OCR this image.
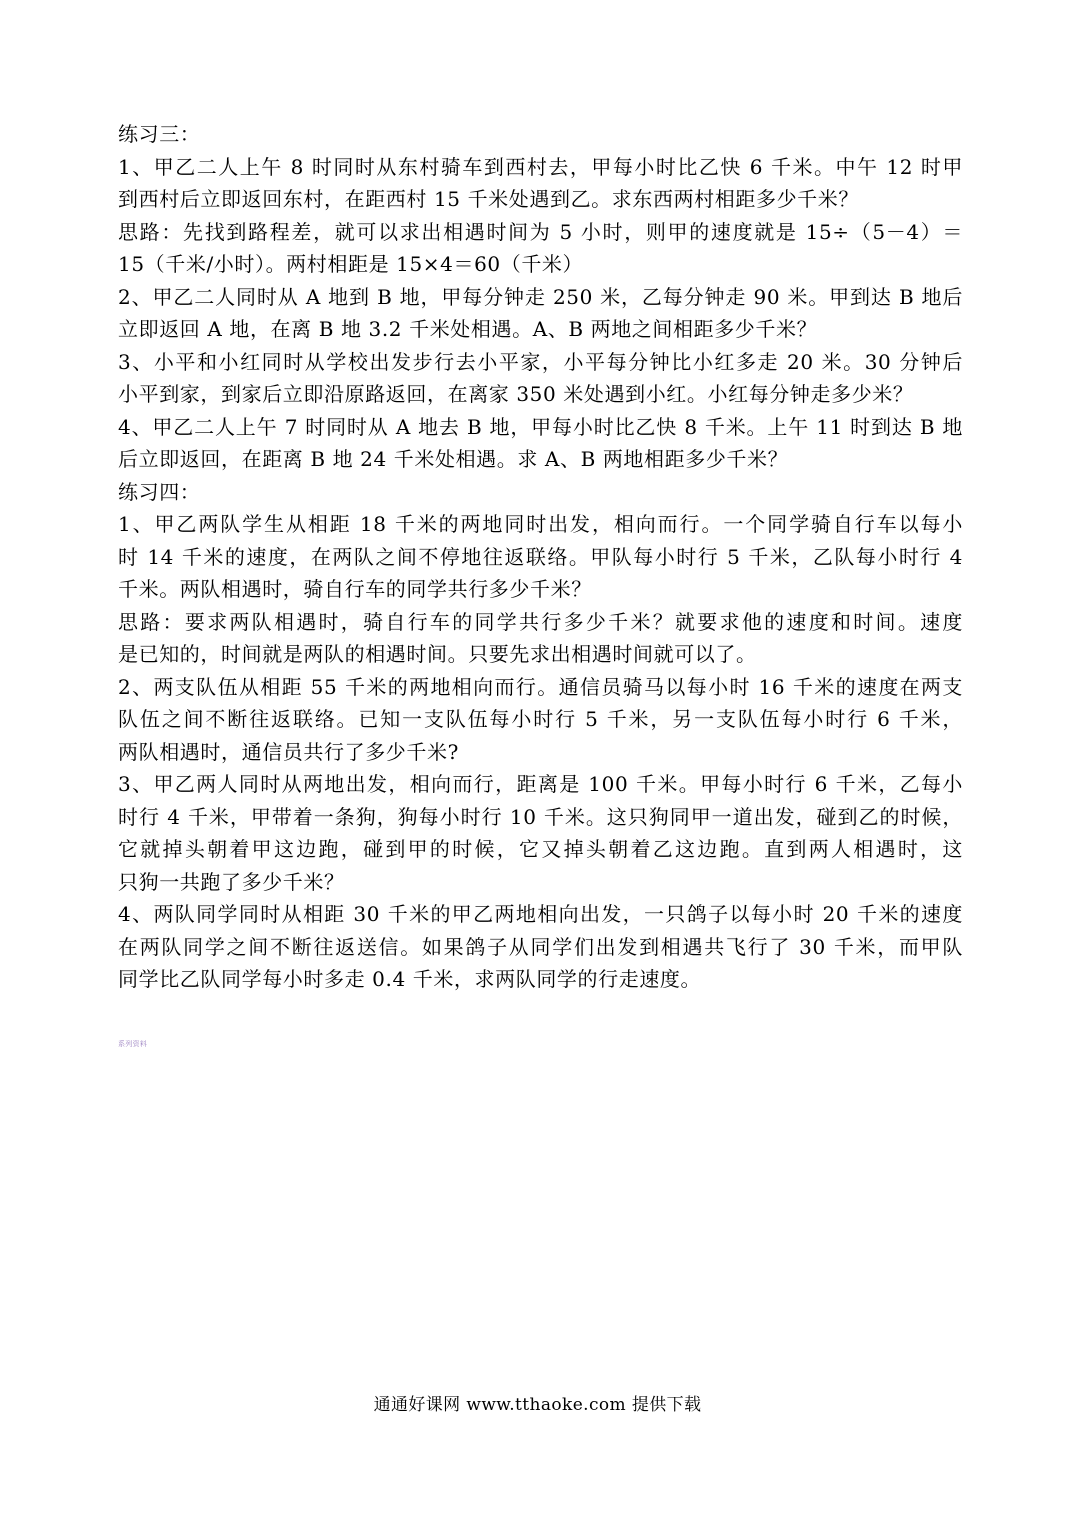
练习三：
1、甲乙二人上午 8 时同时从东村骑车到西村去，甲每小时比乙快 6 千米。中午 12 时甲
到西村后立即返回东村，在距西村 15 千米处遇到乙。求东西两村相距多少千米？
思路：先找到路程差，就可以求出相遇时间为 5 小时，则甲的速度就是 15÷（5－4）＝
15（千米/小时）。两村相距是 15×4＝60（千米）
2、甲乙二人同时从 A 地到 B 地，甲每分钟走 250 米，乙每分钟走 90 米。甲到达 B 地后
立即返回 A 地，在离 B 地 3.2 千米处相遇。A、B 两地之间相距多少千米？
3、小平和小红同时从学校出发步行去小平家，小平每分钟比小红多走 20 米。30 分钟后
小平到家，到家后立即沿原路返回，在离家 350 米处遇到小红。小红每分钟走多少米？
4、甲乙二人上午 7 时同时从 A 地去 B 地，甲每小时比乙快 8 千米。上午 11 时到达 B 地
后立即返回，在距离 B 地 24 千米处相遇。求 A、B 两地相距多少千米？
练习四：
1、甲乙两队学生从相距 18 千米的两地同时出发，相向而行。一个同学骑自行车以每小
时 14 千米的速度，在两队之间不停地往返联络。甲队每小时行 5 千米，乙队每小时行 4
千米。两队相遇时，骑自行车的同学共行多少千米？
思路：要求两队相遇时，骑自行车的同学共行多少千米？就要求他的速度和时间。速度
是已知的，时间就是两队的相遇时间。只要先求出相遇时间就可以了。
2、两支队伍从相距 55 千米的两地相向而行。通信员骑马以每小时 16 千米的速度在两支
队伍之间不断往返联络。已知一支队伍每小时行 5 千米，另一支队伍每小时行 6 千米，
两队相遇时，通信员共行了多少千米?
3、甲乙两人同时从两地出发，相向而行，距离是 100 千米。甲每小时行 6 千米，乙每小
时行 4 千米，甲带着一条狗，狗每小时行 10 千米。这只狗同甲一道出发，碰到乙的时候，
它就掉头朝着甲这边跑，碰到甲的时候，它又掉头朝着乙这边跑。直到两人相遇时，这
只狗一共跑了多少千米？
4、两队同学同时从相距 30 千米的甲乙两地相向出发，一只鸽子以每小时 20 千米的速度
在两队同学之间不断往返送信。如果鸽子从同学们出发到相遇共飞行了 30 千米，而甲队
同学比乙队同学每小时多走 0.4 千米，求两队同学的行走速度。
系列资料
通通好课网 www.tthaoke.com 提供下载
